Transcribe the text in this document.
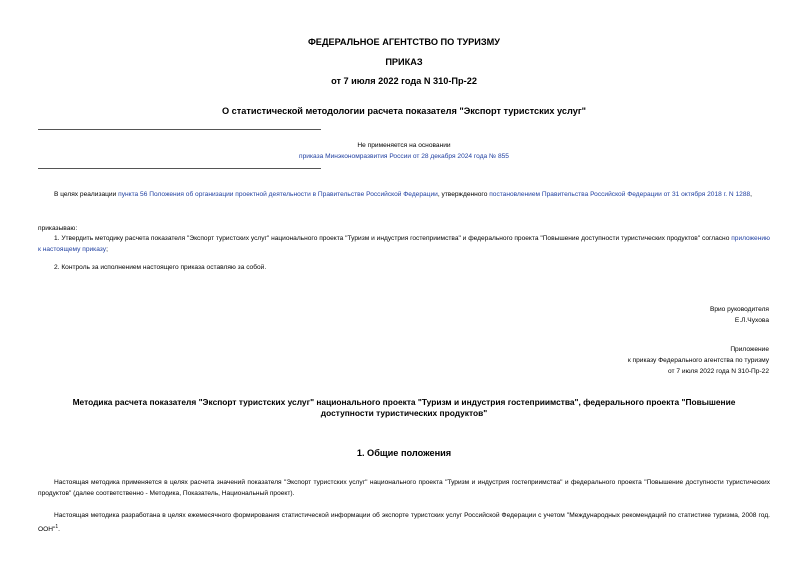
ФЕДЕРАЛЬНОЕ АГЕНТСТВО ПО ТУРИЗМУ
ПРИКАЗ
от 7 июля 2022 года N 310-Пр-22
О статистической методологии расчета показателя "Экспорт туристских услуг"
Не применяется на основании
приказа Минэкономразвития России от 28 декабря 2024 года № 855
В целях реализации пункта 56 Положения об организации проектной деятельности в Правительстве Российской Федерации, утвержденного постановлением Правительства Российской Федерации от 31 октября 2018 г. N 1288,
приказываю:
1. Утвердить методику расчета показателя "Экспорт туристских услуг" национального проекта "Туризм и индустрия гостеприимства" и федерального проекта "Повышение доступности туристических продуктов" согласно приложению к настоящему приказу;
2. Контроль за исполнением настоящего приказа оставляю за собой.
Врио руководителя
Е.Л.Чухова
Приложение
к приказу Федерального агентства по туризму
от 7 июля 2022 года N 310-Пр-22
Методика расчета показателя "Экспорт туристских услуг" национального проекта "Туризм и индустрия гостеприимства", федерального проекта "Повышение доступности туристических продуктов"
1. Общие положения
Настоящая методика применяется в целях расчета значений показателя "Экспорт туристских услуг" национального проекта "Туризм и индустрия гостеприимства" и федерального проекта "Повышение доступности туристических продуктов" (далее соответственно - Методика, Показатель, Национальный проект).
Настоящая методика разработана в целях ежемесячного формирования статистической информации об экспорте туристских услуг Российской Федерации с учетом "Международных рекомендаций по статистике туризма, 2008 год. ООН"$^1$.
